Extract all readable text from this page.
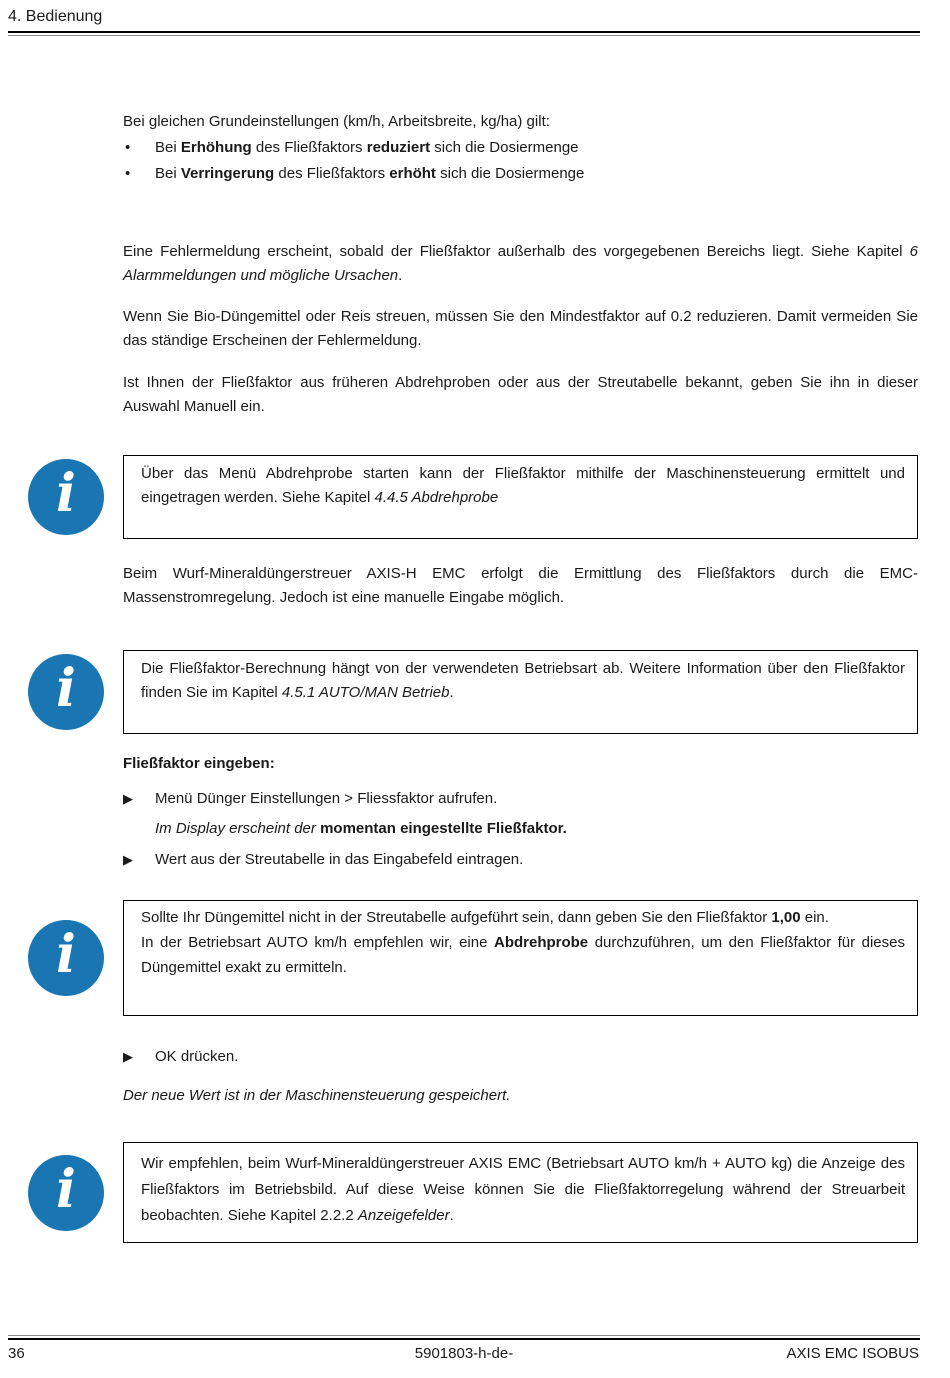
4. Bedienung

Bei gleichen Grundeinstellungen (km/h, Arbeitsbreite, kg/ha) gilt:

• Bei Erhöhung des Fließfaktors reduziert sich die Dosiermenge
• Bei Verringerung des Fließfaktors erhöht sich die Dosiermenge

Eine Fehlermeldung erscheint, sobald der Fließfaktor außerhalb des vorgegebenen Bereichs liegt. Siehe Kapitel 6 Alarmmeldungen und mögliche Ursachen.

Wenn Sie Bio-Düngemittel oder Reis streuen, müssen Sie den Mindestfaktor auf 0.2 reduzieren. Damit vermeiden Sie das ständige Erscheinen der Fehlermeldung.

Ist Ihnen der Fließfaktor aus früheren Abdrehproben oder aus der Streutabelle bekannt, geben Sie ihn in dieser Auswahl Manuell ein.

Über das Menü Abdrehprobe starten kann der Fließfaktor mithilfe der Maschinensteuerung ermittelt und eingetragen werden. Siehe Kapitel 4.4.5 Abdrehprobe

i

Beim Wurf-Mineraldüngerstreuer AXIS-H EMC erfolgt die Ermittlung des Fließfaktors durch die EMC-Massenstromregelung. Jedoch ist eine manuelle Eingabe möglich.

Die Fließfaktor-Berechnung hängt von der verwendeten Betriebsart ab. Weitere Information über den Fließfaktor finden Sie im Kapitel 4.5.1 AUTO/MAN Betrieb.

i
Fließfaktor eingeben:
▶	Menü Dünger Einstellungen > Fliessfaktor aufrufen.
Im Display erscheint der momentan eingestellte Fließfaktor.
▶	Wert aus der Streutabelle in das Eingabefeld eintragen.

Sollte Ihr Düngemittel nicht in der Streutabelle aufgeführt sein, dann geben Sie den Fließfaktor 1,00 ein.

In der Betriebsart AUTO km/h empfehlen wir, eine Abdrehprobe durchzuführen, um den Fließfaktor für dieses Düngemittel exakt zu ermitteln.

i
▶	OK drücken.

Der neue Wert ist in der Maschinensteuerung gespeichert.

Wir empfehlen, beim Wurf-Mineraldüngerstreuer AXIS EMC (Betriebsart AUTO km/h + AUTO kg) die Anzeige des Fließfaktors im Betriebsbild. Auf diese Weise können Sie die Fließfaktorregelung während der Streuarbeit beobachten. Siehe Kapitel 2.2.2 Anzeigefelder.

i
36	5901803-h-de-	AXIS EMC ISOBUS
